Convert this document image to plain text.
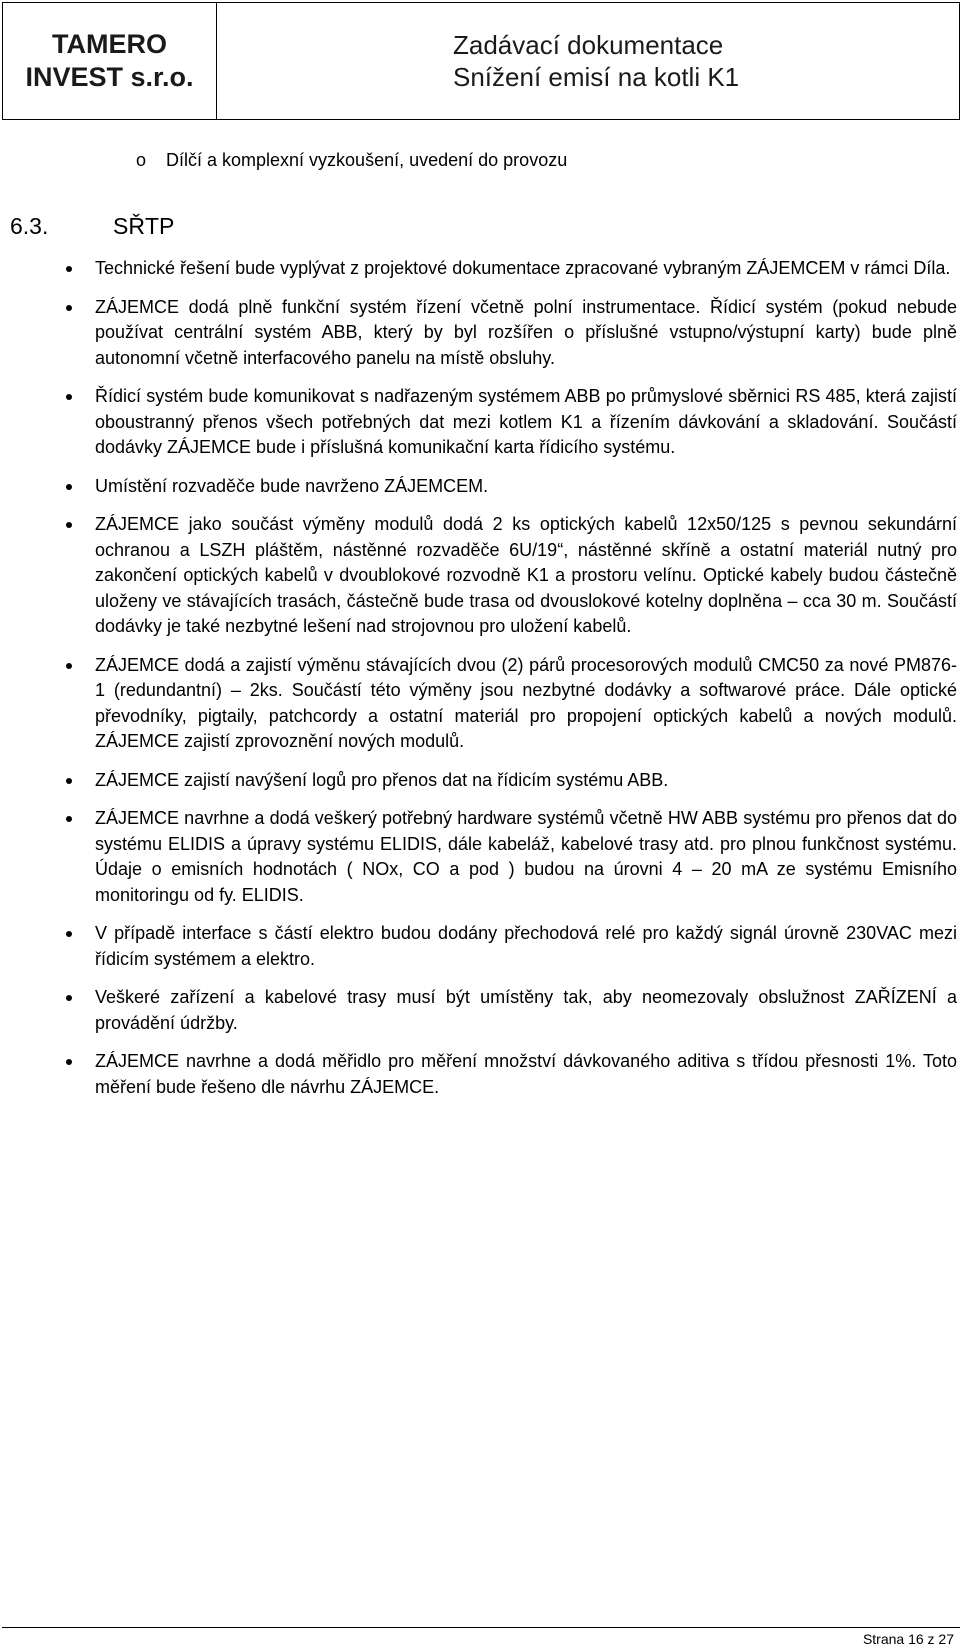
TAMERO
INVEST s.r.o.
Zadávací dokumentace
Snížení emisí na kotli K1
o	Dílčí a komplexní vyzkoušení, uvedení do provozu
6.3.	SŘTP
Technické řešení bude vyplývat z projektové dokumentace zpracované vybraným ZÁJEMCEM v rámci Díla.
ZÁJEMCE dodá plně funkční systém řízení včetně polní instrumentace. Řídicí systém (pokud nebude používat centrální systém ABB, který by byl rozšířen o příslušné vstupno/výstupní karty) bude plně autonomní včetně interfacového panelu na místě obsluhy.
Řídicí systém bude komunikovat s nadřazeným systémem ABB po průmyslové sběrnici RS 485, která zajistí oboustranný přenos všech potřebných dat mezi kotlem K1 a řízením dávkování a skladování. Součástí dodávky ZÁJEMCE bude i příslušná komunikační karta řídicího systému.
Umístění rozvaděče bude navrženo ZÁJEMCEM.
ZÁJEMCE jako součást výměny modulů dodá 2 ks optických kabelů 12x50/125 s pevnou sekundární ochranou a LSZH pláštěm, nástěnné rozvaděče 6U/19“, nástěnné skříně a ostatní materiál nutný pro zakončení optických kabelů v dvoublokové rozvodně K1 a prostoru velínu. Optické kabely budou částečně uloženy ve stávajících trasách, částečně bude trasa od dvouslokové kotelny doplněna – cca 30 m. Součástí dodávky je také nezbytné lešení nad strojovnou pro uložení kabelů.
ZÁJEMCE dodá a zajistí výměnu stávajících dvou (2) párů procesorových modulů CMC50 za nové PM876-1 (redundantní) – 2ks. Součástí této výměny jsou nezbytné dodávky a softwarové práce. Dále optické převodníky, pigtaily, patchcordy a ostatní materiál pro propojení optických kabelů a nových modulů. ZÁJEMCE zajistí zprovoznění nových modulů.
ZÁJEMCE zajistí navýšení logů pro přenos dat na řídicím systému ABB.
ZÁJEMCE navrhne a dodá veškerý potřebný hardware systémů včetně HW ABB systému pro přenos dat do systému ELIDIS a úpravy systému ELIDIS, dále kabeláž, kabelové trasy atd. pro plnou funkčnost systému. Údaje o emisních hodnotách ( NOx, CO a pod ) budou na úrovni 4 – 20 mA ze systému Emisního monitoringu od fy. ELIDIS.
V případě interface s částí elektro budou dodány přechodová relé pro každý signál úrovně 230VAC mezi řídicím systémem a elektro.
Veškeré zařízení a kabelové trasy musí být umístěny tak, aby neomezovaly obslužnost ZAŘÍZENÍ a provádění údržby.
ZÁJEMCE navrhne a dodá měřidlo pro měření množství dávkovaného aditiva s třídou přesnosti 1%. Toto měření bude řešeno dle návrhu ZÁJEMCE.
Strana 16 z 27
